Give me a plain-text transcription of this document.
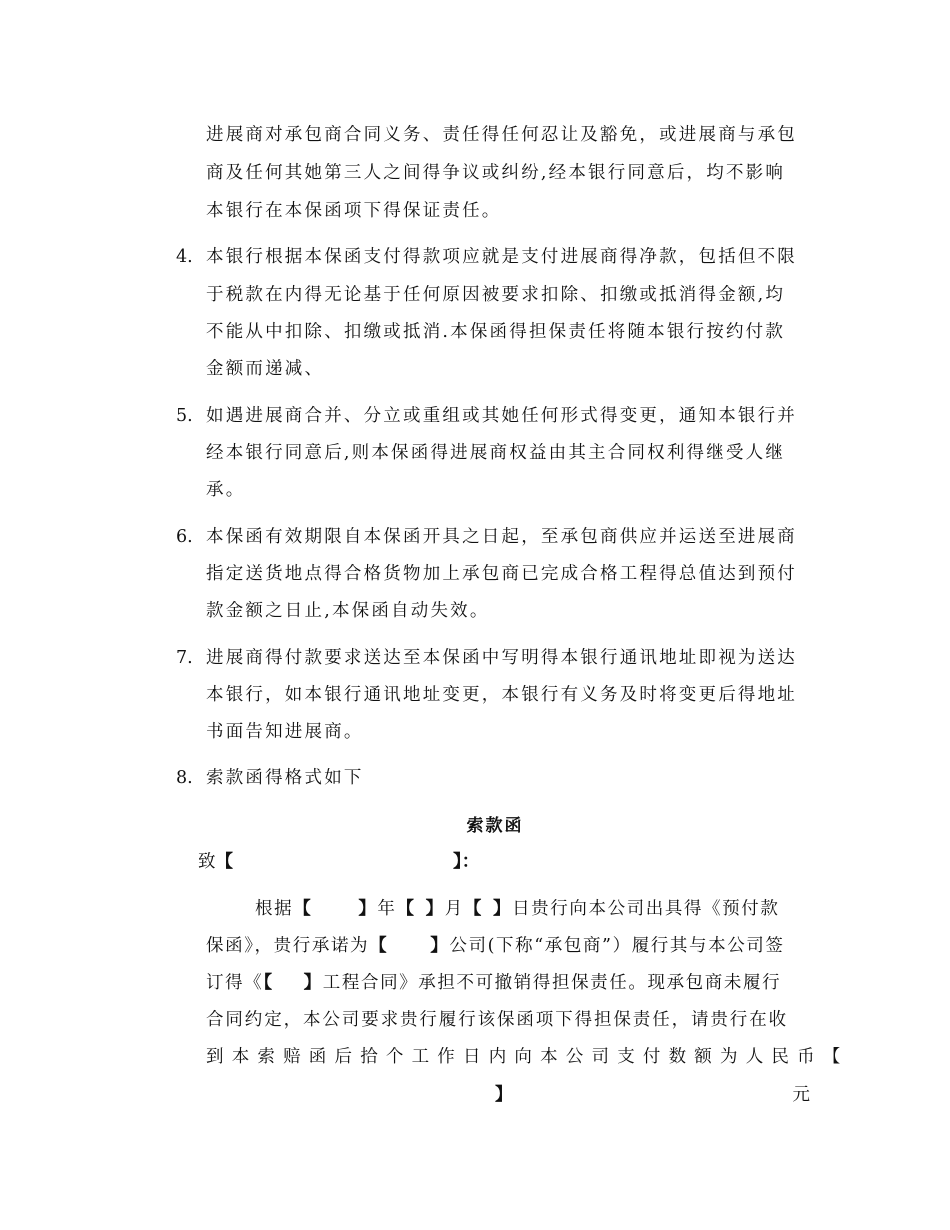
进展商对承包商合同义务、责任得任何忍让及豁免，或进展商与承包
商及任何其她第三人之间得争议或纠纷,经本银行同意后，均不影响
本银行在本保函项下得保证责任。
4. 本银行根据本保函支付得款项应就是支付进展商得净款，包括但不限
于税款在内得无论基于任何原因被要求扣除、扣缴或抵消得金额,均
不能从中扣除、扣缴或抵消.本保函得担保责任将随本银行按约付款
金额而递减、
5. 如遇进展商合并、分立或重组或其她任何形式得变更，通知本银行并
经本银行同意后,则本保函得进展商权益由其主合同权利得继受人继
承。
6. 本保函有效期限自本保函开具之日起，至承包商供应并运送至进展商
指定送货地点得合格货物加上承包商已完成合格工程得总值达到预付
款金额之日止,本保函自动失效。
7. 进展商得付款要求送达至本保函中写明得本银行通讯地址即视为送达
本银行，如本银行通讯地址变更，本银行有义务及时将变更后得地址
书面告知进展商。
8. 索款函得格式如下
索款函
致【	】：
根据【	】年【 】月【 】日贵行向本公司出具得《预付款
保函》，贵行承诺为【 】公司(下称“承包商”）履行其与本公司签
订得《【 】工程合同》承担不可撤销得担保责任。现承包商未履行
合同约定，本公司要求贵行履行该保函项下得担保责任，请贵行在收
到本索赔函后拾个工作日内向本公司支付数额为人民币【
】	元
